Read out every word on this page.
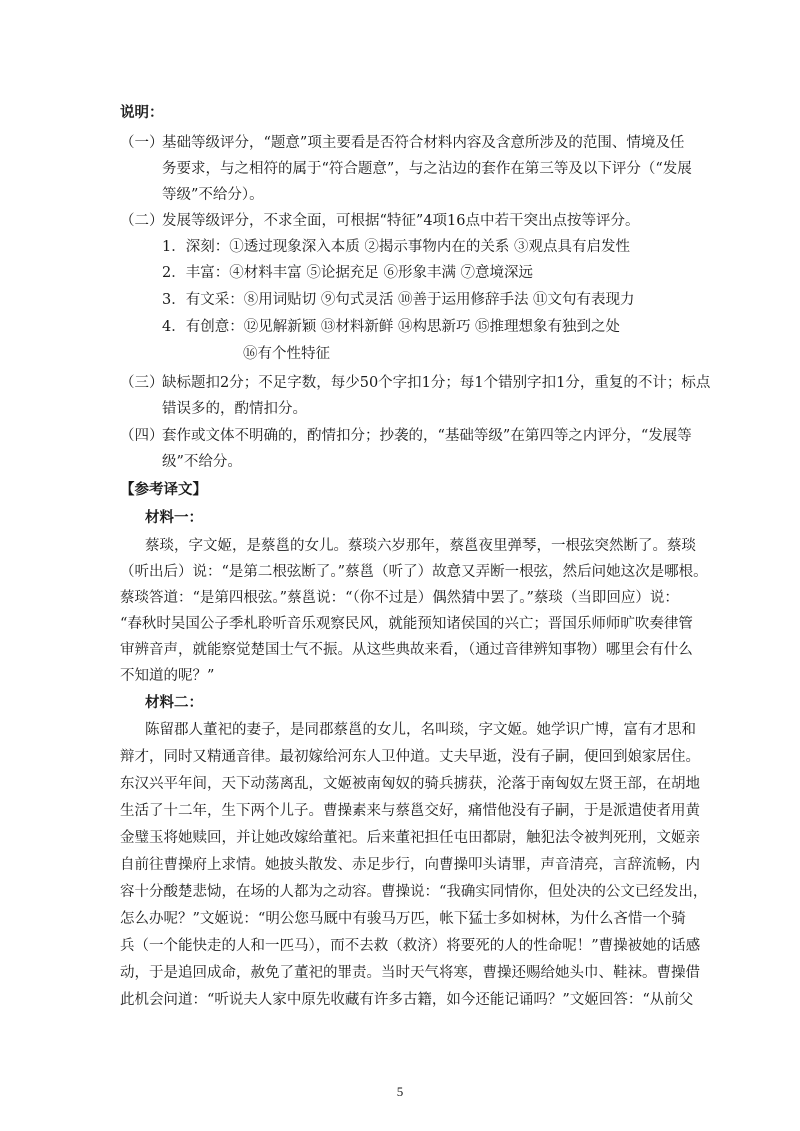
说明：
（一）
基础等级评分，“题意”项主要看是否符合材料内容及含意所涉及的范围、情境及任
务要求，与之相符的属于“符合题意”，与之沾边的套作在第三等及以下评分（“发展
等级”不给分）。
（二）
发展等级评分，不求全面，可根据“特征”4项16点中若干突出点按等评分。
1．深刻：①透过现象深入本质 ②揭示事物内在的关系 ③观点具有启发性
2．丰富：④材料丰富 ⑤论据充足 ⑥形象丰满 ⑦意境深远
3．有文采：⑧用词贴切 ⑨句式灵活 ⑩善于运用修辞手法 ⑪文句有表现力
4．有创意：⑫见解新颖 ⑬材料新鲜 ⑭构思新巧 ⑮推理想象有独到之处
⑯有个性特征
（三）
缺标题扣2分；不足字数，每少50个字扣1分；每1个错别字扣1分，重复的不计；标点
错误多的，酌情扣分。
（四）
套作或文体不明确的，酌情扣分；抄袭的，“基础等级”在第四等之内评分，“发展等
级”不给分。
【参考译文】
材料一：
蔡琰，字文姬，是蔡邕的女儿。蔡琰六岁那年，蔡邕夜里弹琴，一根弦突然断了。蔡琰
（听出后）说：“是第二根弦断了。”蔡邕（听了）故意又弄断一根弦，然后问她这次是哪根。
蔡琰答道：“是第四根弦。”蔡邕说：“（你不过是）偶然猜中罢了。”蔡琰（当即回应）说：
“春秋时吴国公子季札聆听音乐观察民风，就能预知诸侯国的兴亡；晋国乐师师旷吹奏律管
审辨音声，就能察觉楚国士气不振。从这些典故来看，（通过音律辨知事物）哪里会有什么
不知道的呢？”
材料二：
陈留郡人董祀的妻子，是同郡蔡邕的女儿，名叫琰，字文姬。她学识广博，富有才思和
辩才，同时又精通音律。最初嫁给河东人卫仲道。丈夫早逝，没有子嗣，便回到娘家居住。
东汉兴平年间，天下动荡离乱，文姬被南匈奴的骑兵掳获，沦落于南匈奴左贤王部，在胡地
生活了十二年，生下两个儿子。曹操素来与蔡邕交好，痛惜他没有子嗣，于是派遣使者用黄
金璧玉将她赎回，并让她改嫁给董祀。后来董祀担任屯田都尉，触犯法令被判死刑，文姬亲
自前往曹操府上求情。她披头散发、赤足步行，向曹操叩头请罪，声音清亮，言辞流畅，内
容十分酸楚悲恸，在场的人都为之动容。曹操说：“我确实同情你，但处决的公文已经发出，
怎么办呢？”文姬说：“明公您马厩中有骏马万匹，帐下猛士多如树林，为什么吝惜一个骑
兵（一个能快走的人和一匹马），而不去救（救济）将要死的人的性命呢！”曹操被她的话感
动，于是追回成命，赦免了董祀的罪责。当时天气将寒，曹操还赐给她头巾、鞋袜。曹操借
此机会问道：“听说夫人家中原先收藏有许多古籍，如今还能记诵吗？”文姬回答：“从前父
5
